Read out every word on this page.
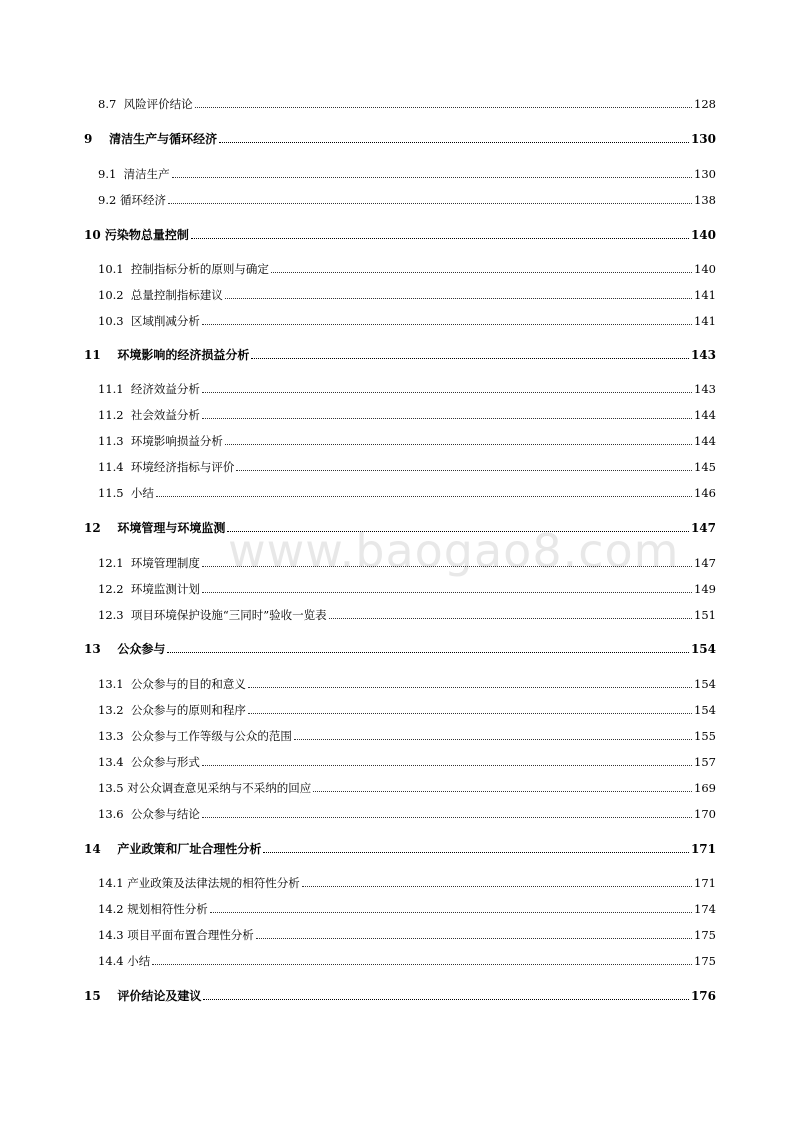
www.baogao8.com
8.7 风险评价结论	128
9 清洁生产与循环经济	130
9.1 清洁生产	130
9.2 循环经济	138
10 污染物总量控制	140
10.1 控制指标分析的原则与确定	140
10.2 总量控制指标建议	141
10.3 区域削减分析	141
11 环境影响的经济损益分析	143
11.1 经济效益分析	143
11.2 社会效益分析	144
11.3 环境影响损益分析	144
11.4 环境经济指标与评价	145
11.5 小结	146
12 环境管理与环境监测	147
12.1 环境管理制度	147
12.2 环境监测计划	149
12.3 项目环境保护设施“三同时”验收一览表	151
13 公众参与	154
13.1 公众参与的目的和意义	154
13.2 公众参与的原则和程序	154
13.3 公众参与工作等级与公众的范围	155
13.4 公众参与形式	157
13.5 对公众调查意见采纳与不采纳的回应	169
13.6 公众参与结论	170
14 产业政策和厂址合理性分析	171
14.1 产业政策及法律法规的相符性分析	171
14.2 规划相符性分析	174
14.3 项目平面布置合理性分析	175
14.4 小结	175
15 评价结论及建议	176
